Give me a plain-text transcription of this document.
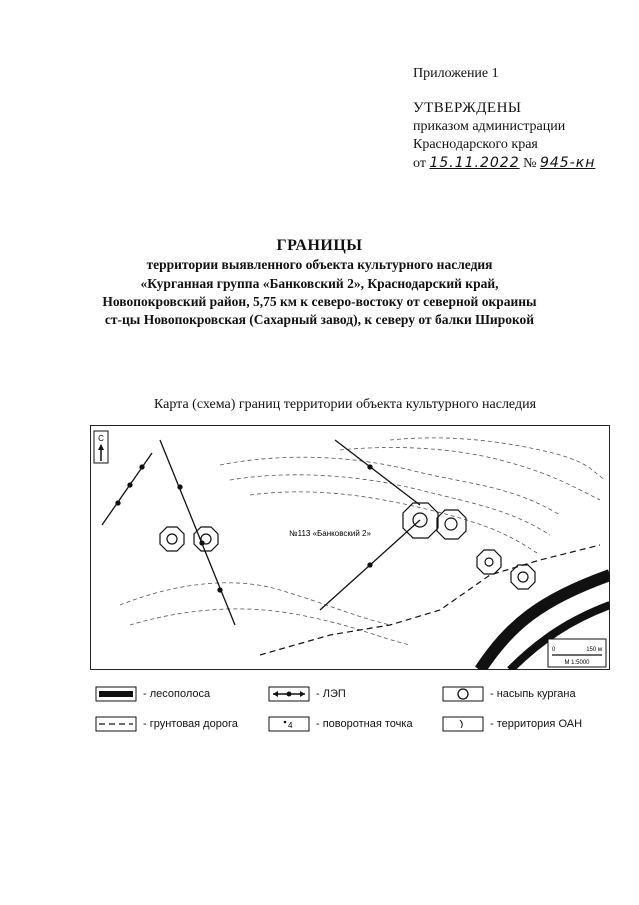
Приложение 1
УТВЕРЖДЕНЫ
приказом администрации
Краснодарского края
от 15.11.2022 № 945-кн
ГРАНИЦЫ
территории выявленного объекта культурного наследия
«Курганная группа «Банковский 2», Краснодарский край,
Новопокровский район, 5,75 км к северо-востоку от северной окраины
ст-цы Новопокровская (Сахарный завод), к северу от балки Широкой
Карта (схема) границ территории объекта культурного наследия
С
№113 «Банковский 2»
0	150 м
М 1:5000
- лесополоса	- ЛЭП	- насыпь кургана
- грунтовая дорога	4 - поворотная точка	- территория ОАН
